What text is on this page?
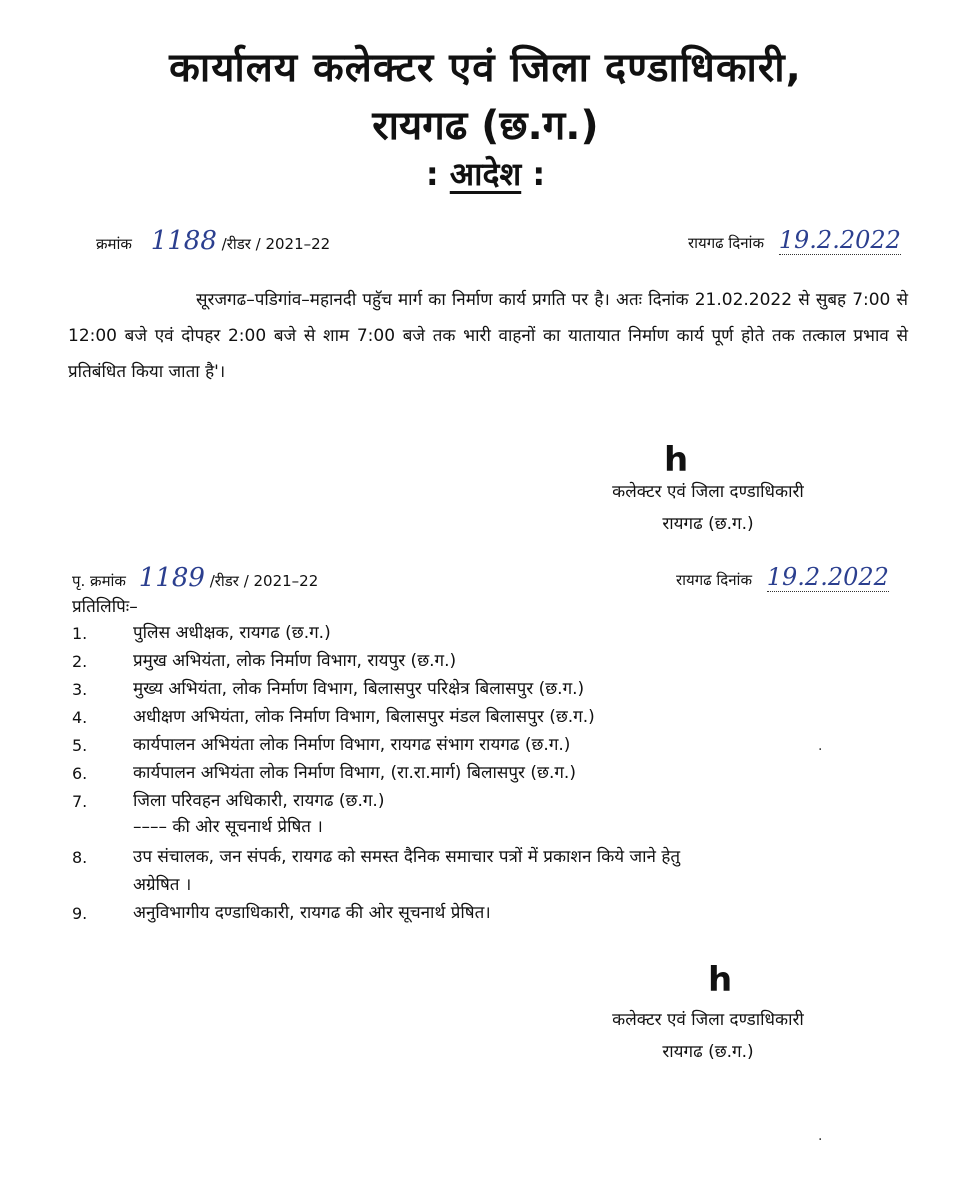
कार्यालय कलेक्टर एवं जिला दण्डाधिकारी,
रायगढ (छ.ग.)
: आदेश :
क्रमांक 1188 /रीडर / 2021–22	रायगढ दिनांक 19.2.2022
सूरजगढ–पडिगांव–महानदी पहुॅच मार्ग का निर्माण कार्य प्रगति पर है। अतः दिनांक 21.02.2022 से सुबह 7:00 से 12:00 बजे एवं दोपहर 2:00 बजे से शाम 7:00 बजे तक भारी वाहनों का यातायात निर्माण कार्य पूर्ण होते तक तत्काल प्रभाव से प्रतिबंधित किया जाता है'।
h
कलेक्टर एवं जिला दण्डाधिकारी
रायगढ (छ.ग.)
पृ. क्रमांक 1189 /रीडर / 2021–22	रायगढ दिनांक 19.2.2022
प्रतिलिपिः–
1.	पुलिस अधीक्षक, रायगढ (छ.ग.)
2.	प्रमुख अभियंता, लोक निर्माण विभाग, रायपुर (छ.ग.)
3.	मुख्य अभियंता, लोक निर्माण विभाग, बिलासपुर परिक्षेत्र बिलासपुर (छ.ग.)
4.	अधीक्षण अभियंता, लोक निर्माण विभाग, बिलासपुर मंडल बिलासपुर (छ.ग.)
5.	कार्यपालन अभियंता लोक निर्माण विभाग, रायगढ संभाग रायगढ (छ.ग.)
6.	कार्यपालन अभियंता लोक निर्माण विभाग, (रा.रा.मार्ग) बिलासपुर (छ.ग.)
7.	जिला परिवहन अधिकारी, रायगढ (छ.ग.)
–––– की ओर सूचनार्थ प्रेषित ।
8.	उप संचालक, जन संपर्क, रायगढ को समस्त दैनिक समाचार पत्रों में प्रकाशन किये जाने हेतु
अग्रेषित ।
9.	अनुविभागीय दण्डाधिकारी, रायगढ की ओर सूचनार्थ प्रेषित।
h
कलेक्टर एवं जिला दण्डाधिकारी
रायगढ (छ.ग.)
·
·
